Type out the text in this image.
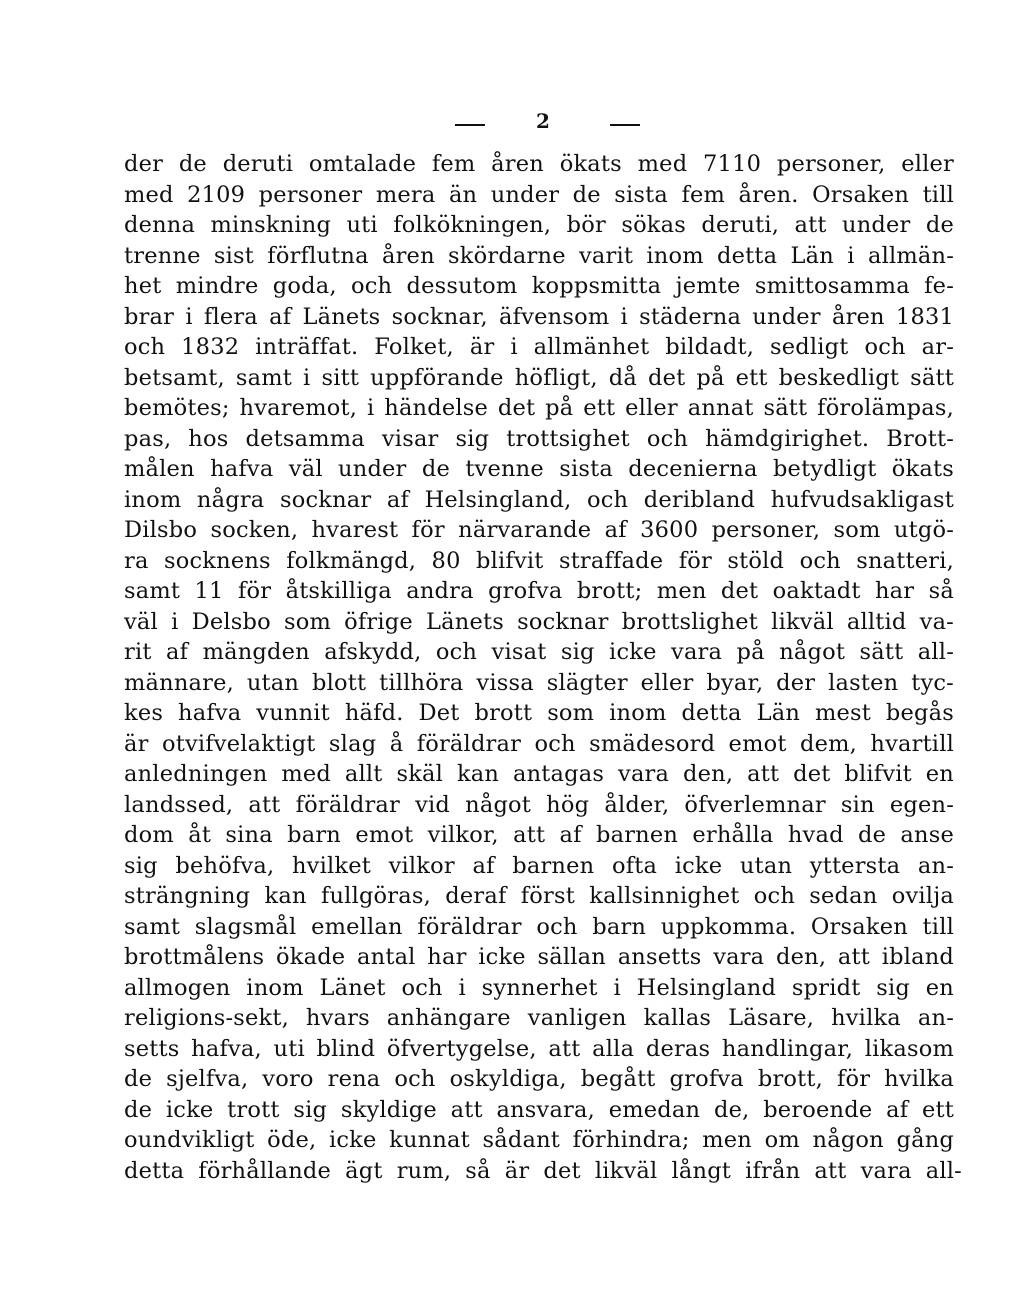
2
der de deruti omtalade fem åren ökats med 7110 personer, eller
med 2109 personer mera än under de sista fem åren. Orsaken till
denna minskning uti folkökningen, bör sökas deruti, att under de
trenne sist förflutna åren skördarne varit inom detta Län i allmän-
het mindre goda, och dessutom koppsmitta jemte smittosamma fe-
brar i flera af Länets socknar, äfvensom i städerna under åren 1831
och 1832 inträffat. Folket, är i allmänhet bildadt, sedligt och ar-
betsamt, samt i sitt uppförande höfligt, då det på ett beskedligt sätt
bemötes; hvaremot, i händelse det på ett eller annat sätt förolämpas,
pas, hos detsamma visar sig trottsighet och hämdgirighet. Brott-
målen hafva väl under de tvenne sista decenierna betydligt ökats
inom några socknar af Helsingland, och deribland hufvudsakligast
Dilsbo socken, hvarest för närvarande af 3600 personer, som utgö-
ra socknens folkmängd, 80 blifvit straffade för stöld och snatteri,
samt 11 för åtskilliga andra grofva brott; men det oaktadt har så
väl i Delsbo som öfrige Länets socknar brottslighet likväl alltid va-
rit af mängden afskydd, och visat sig icke vara på något sätt all-
männare, utan blott tillhöra vissa slägter eller byar, der lasten tyc-
kes hafva vunnit häfd. Det brott som inom detta Län mest begås
är otvifvelaktigt slag å föräldrar och smädesord emot dem, hvartill
anledningen med allt skäl kan antagas vara den, att det blifvit en
landssed, att föräldrar vid något hög ålder, öfverlemnar sin egen-
dom åt sina barn emot vilkor, att af barnen erhålla hvad de anse
sig behöfva, hvilket vilkor af barnen ofta icke utan yttersta an-
strängning kan fullgöras, deraf först kallsinnighet och sedan ovilja
samt slagsmål emellan föräldrar och barn uppkomma. Orsaken till
brottmålens ökade antal har icke sällan ansetts vara den, att ibland
allmogen inom Länet och i synnerhet i Helsingland spridt sig en
religions-sekt, hvars anhängare vanligen kallas Läsare, hvilka an-
setts hafva, uti blind öfvertygelse, att alla deras handlingar, likasom
de sjelfva, voro rena och oskyldiga, begått grofva brott, för hvilka
de icke trott sig skyldige att ansvara, emedan de, beroende af ett
oundvikligt öde, icke kunnat sådant förhindra; men om någon gång
detta förhållande ägt rum, så är det likväl långt ifrån att vara all-
